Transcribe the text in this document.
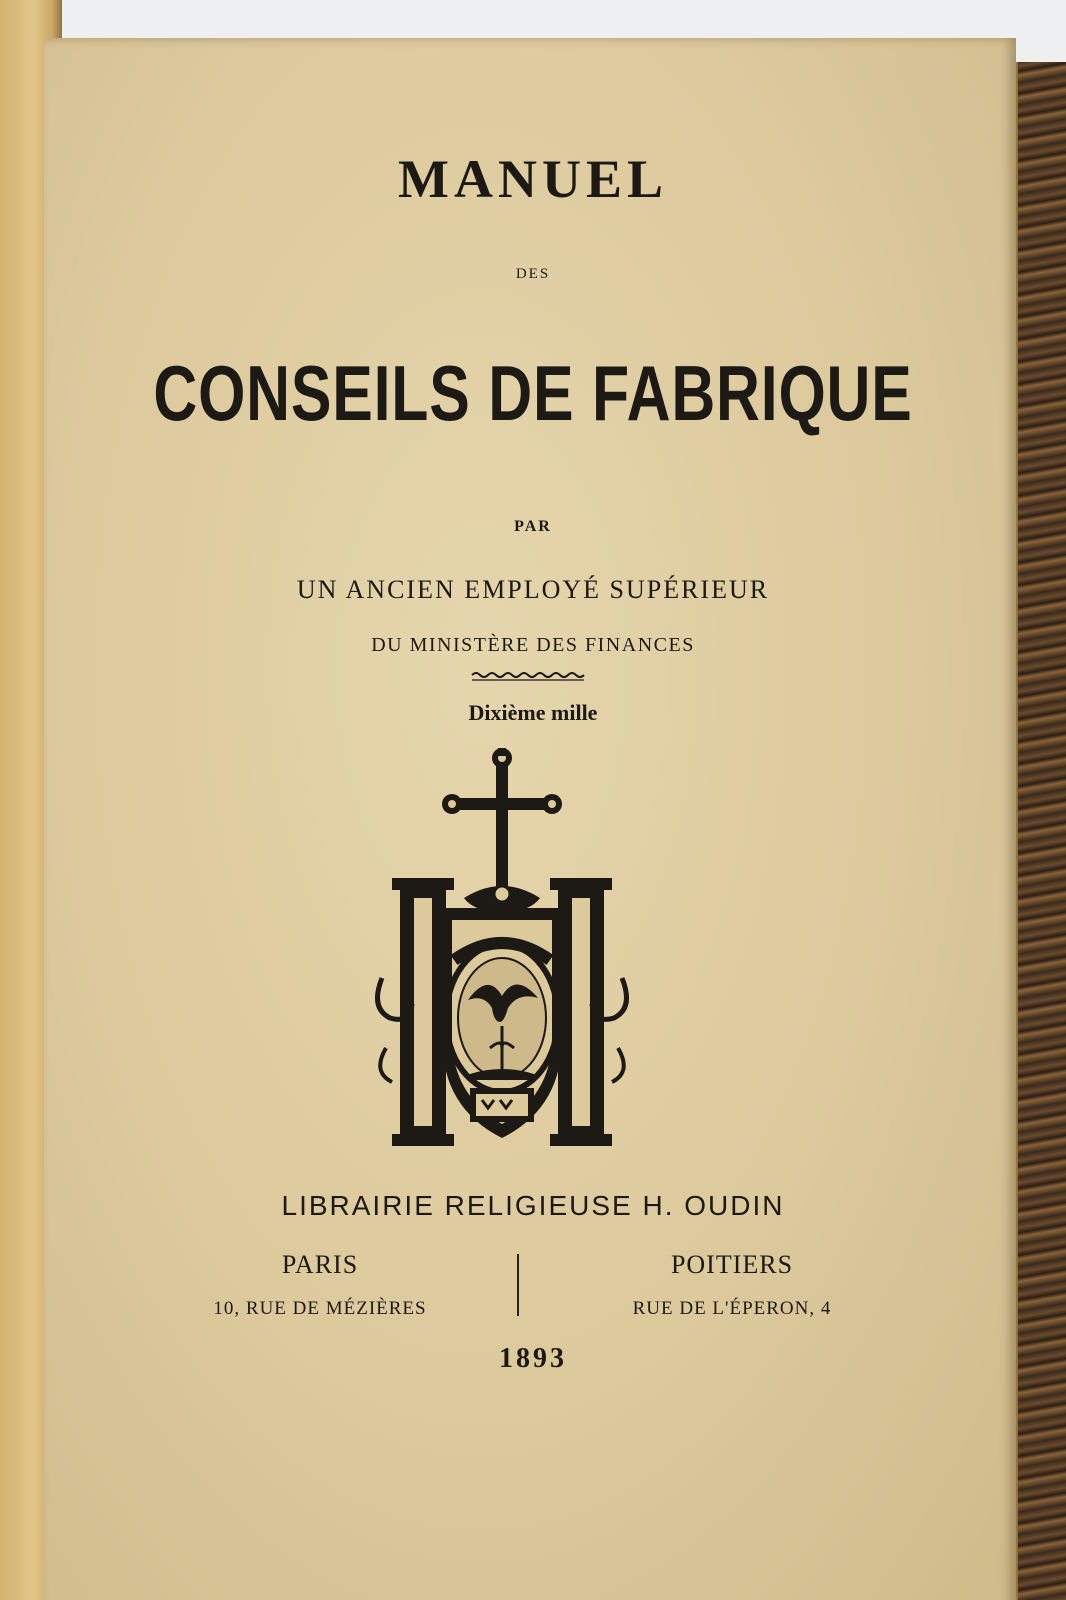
MANUEL

DES

CONSEILS DE FABRIQUE

PAR

UN ANCIEN EMPLOYÉ SUPÉRIEUR

DU MINISTÈRE DES FINANCES

Dixième mille

LIBRAIRIE RELIGIEUSE H. OUDIN

PARIS
10, RUE DE MÉZIÈRES
POITIERS
RUE DE L'ÉPERON, 4

1893
